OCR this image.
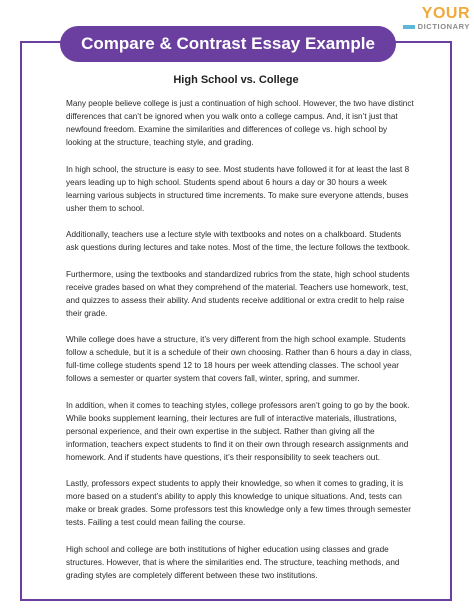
Compare & Contrast Essay Example
YOUR
DICTIONARY
High School vs. College

Many people believe college is just a continuation of high school. However, the two have distinct differences that can’t be ignored when you walk onto a college campus. And, it isn’t just that newfound freedom. Examine the similarities and differences of college vs. high school by looking at the structure, teaching style, and grading.

In high school, the structure is easy to see. Most students have followed it for at least the last 8 years leading up to high school. Students spend about 6 hours a day or 30 hours a week learning various subjects in structured time increments. To make sure everyone attends, buses usher them to school.

Additionally, teachers use a lecture style with textbooks and notes on a chalkboard. Students ask questions during lectures and take notes. Most of the time, the lecture follows the textbook.

Furthermore, using the textbooks and standardized rubrics from the state, high school students receive grades based on what they comprehend of the material. Teachers use homework, test, and quizzes to assess their ability. And students receive additional or extra credit to help raise their grade.

While college does have a structure, it’s very different from the high school example. Students follow a schedule, but it is a schedule of their own choosing. Rather than 6 hours a day in class, full-time college students spend 12 to 18 hours per week attending classes. The school year follows a semester or quarter system that covers fall, winter, spring, and summer.

In addition, when it comes to teaching styles, college professors aren’t going to go by the book. While books supplement learning, their lectures are full of interactive materials, illustrations, personal experience, and their own expertise in the subject. Rather than giving all the information, teachers expect students to find it on their own through research assignments and homework. And if students have questions, it’s their responsibility to seek teachers out.

Lastly, professors expect students to apply their knowledge, so when it comes to grading, it is more based on a student’s ability to apply this knowledge to unique situations. And, tests can make or break grades. Some professors test this knowledge only a few times through semester tests. Failing a test could mean failing the course.

High school and college are both institutions of higher education using classes and grade structures. However, that is where the similarities end. The structure, teaching methods, and grading styles are completely different between these two institutions.
